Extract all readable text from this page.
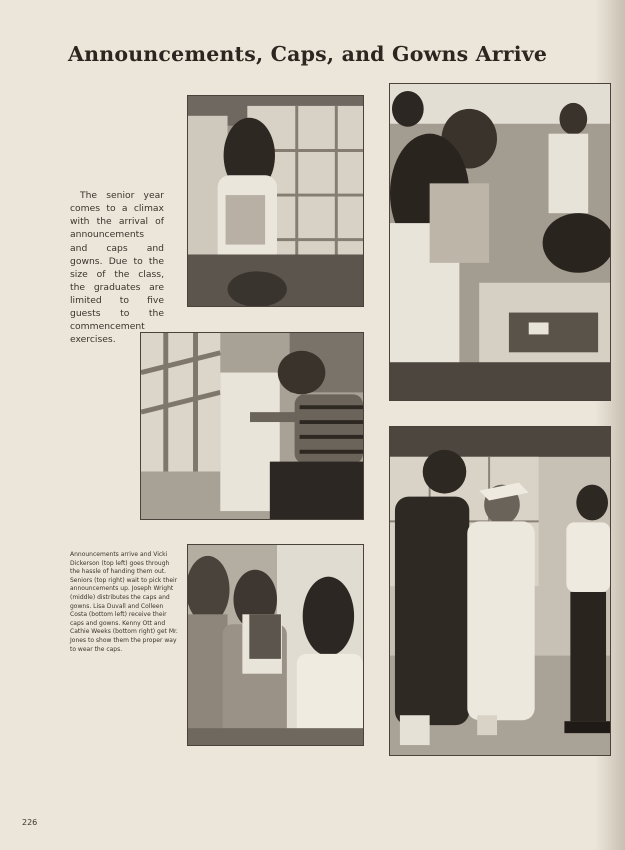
Announcements, Caps, and Gowns Arrive

The senior year comes to a climax with the arrival of announcements and caps and gowns. Due to the size of the class, the graduates are limited to five guests to the commencement exercises.

Announcements arrive and Vicki Dickerson (top left) goes through the hassle of handing them out. Seniors (top right) wait to pick their announcements up. Joseph Wright (middle) distributes the caps and gowns. Lisa Duvall and Colleen Costa (bottom left) receive their caps and gowns. Kenny Ott and Cathie Weeks (bottom right) get Mr. Jones to show them the proper way to wear the caps.

226
